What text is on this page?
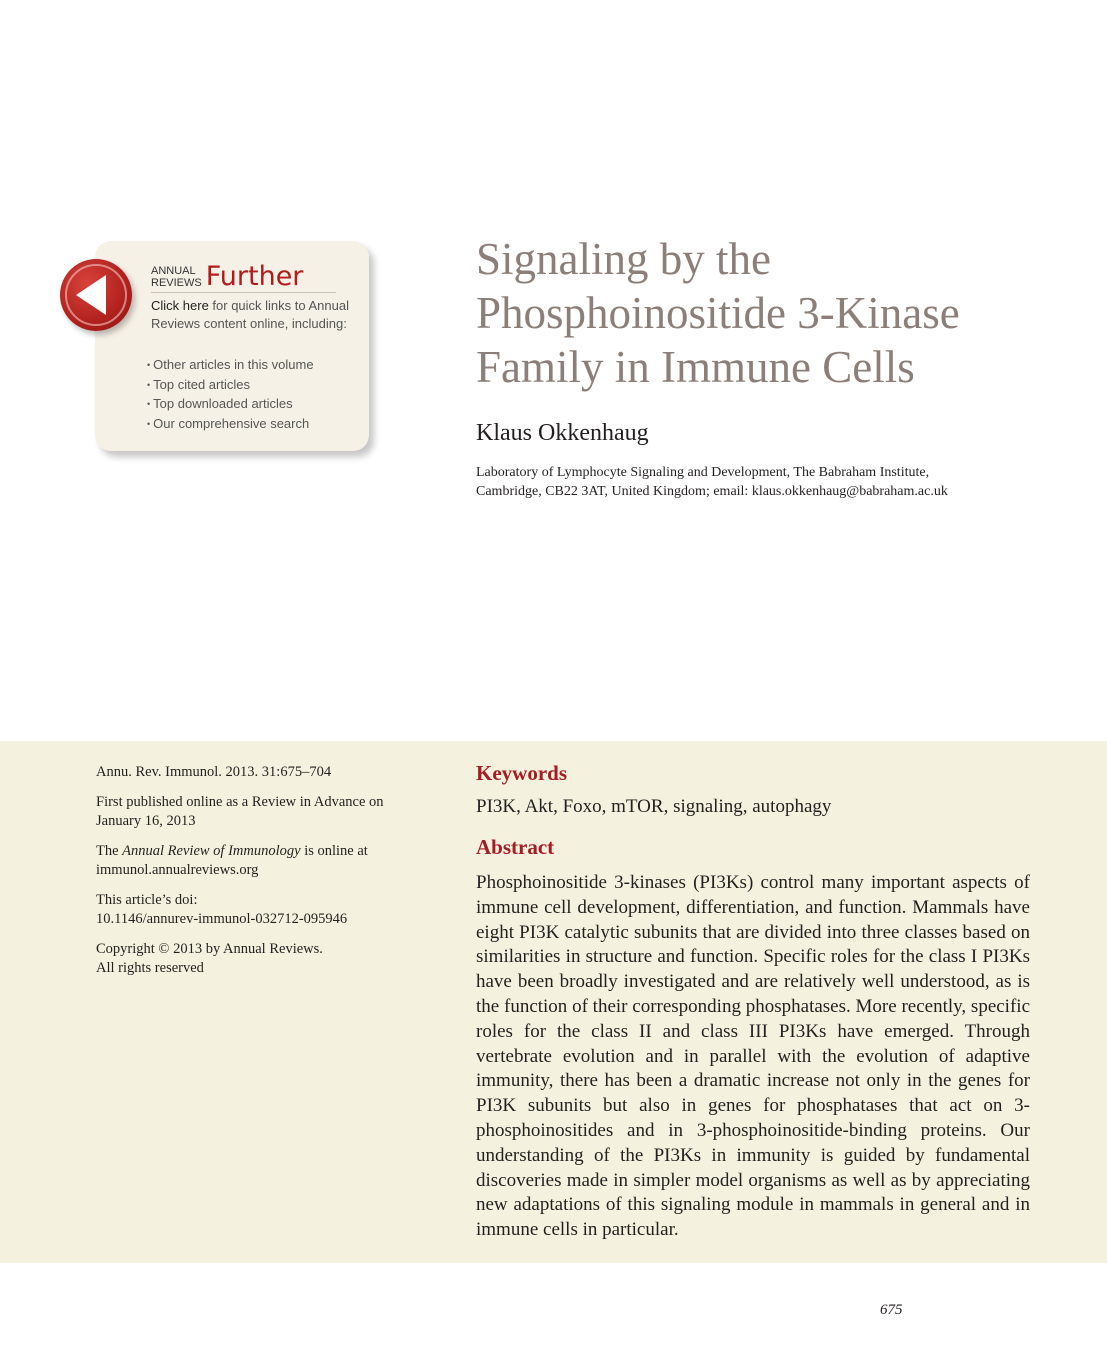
ANNUAL
REVIEWS Further
Click here for quick links to Annual Reviews content online, including:
• Other articles in this volume
• Top cited articles
• Top downloaded articles
• Our comprehensive search
Signaling by the
Phosphoinositide 3-Kinase
Family in Immune Cells
Klaus Okkenhaug
Laboratory of Lymphocyte Signaling and Development, The Babraham Institute,
Cambridge, CB22 3AT, United Kingdom; email: klaus.okkenhaug@babraham.ac.uk

Annu. Rev. Immunol. 2013. 31:675–704

First published online as a Review in Advance on January 16, 2013

The Annual Review of Immunology is online at immunol.annualreviews.org

This article’s doi:
10.1146/annurev-immunol-032712-095946

Copyright © 2013 by Annual Reviews.
All rights reserved

Keywords
PI3K, Akt, Foxo, mTOR, signaling, autophagy
Abstract

Phosphoinositide 3-kinases (PI3Ks) control many important aspects of immune cell development, differentiation, and function. Mammals have eight PI3K catalytic subunits that are divided into three classes based on similarities in structure and function. Specific roles for the class I PI3Ks have been broadly investigated and are relatively well understood, as is the function of their corresponding phosphatases. More recently, specific roles for the class II and class III PI3Ks have emerged. Through vertebrate evolution and in parallel with the evolution of adaptive immunity, there has been a dramatic increase not only in the genes for PI3K subunits but also in genes for phosphatases that act on 3-phosphoinositides and in 3-phosphoinositide-binding proteins. Our understanding of the PI3Ks in immunity is guided by fundamental discoveries made in simpler model organisms as well as by appreciating new adaptations of this signaling module in mammals in general and in immune cells in particular.

675
